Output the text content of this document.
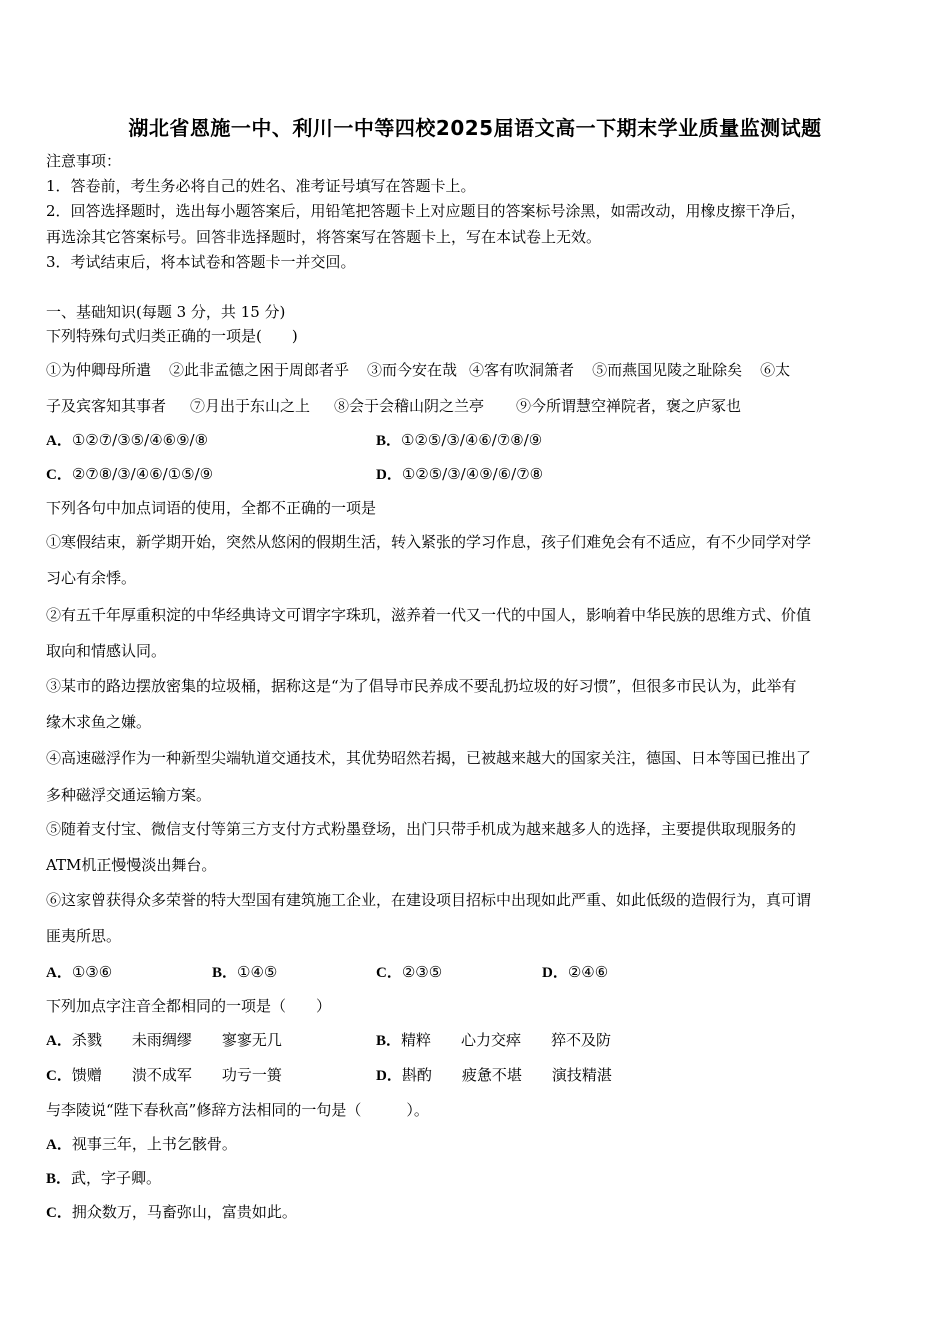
湖北省恩施一中、利川一中等四校2025届语文高一下期末学业质量监测试题
注意事项：
1．答卷前，考生务必将自己的姓名、准考证号填写在答题卡上。
2．回答选择题时，选出每小题答案后，用铅笔把答题卡上对应题目的答案标号涂黑，如需改动，用橡皮擦干净后，
再选涂其它答案标号。回答非选择题时，将答案写在答题卡上，写在本试卷上无效。
3．考试结束后，将本试卷和答题卡一并交回。
一、基础知识(每题 3 分，共 15 分)
下列特殊句式归类正确的一项是(　　)
①为仲卿母所遣 ②此非孟德之困于周郎者乎 ③而今安在哉 ④客有吹洞箫者 ⑤而燕国见陵之耻除矣 ⑥太
子及宾客知其事者 ⑦月出于东山之上 ⑧会于会稽山阴之兰亭 ⑨今所谓慧空禅院者，褒之庐冢也
A．①②⑦/③⑤/④⑥⑨/⑧	B．①②⑤/③/④⑥/⑦⑧/⑨
C．②⑦⑧/③/④⑥/①⑤/⑨	D．①②⑤/③/④⑨/⑥/⑦⑧
下列各句中加点词语的使用，全都不正确的一项是
①寒假结束，新学期开始，突然从悠闲的假期生活，转入紧张的学习作息，孩子们难免会有不适应，有不少同学对学
习心有余悸。
②有五千年厚重积淀的中华经典诗文可谓字字珠玑，滋养着一代又一代的中国人，影响着中华民族的思维方式、价值
取向和情感认同。
③某市的路边摆放密集的垃圾桶，据称这是“为了倡导市民养成不要乱扔垃圾的好习惯”，但很多市民认为，此举有
缘木求鱼之嫌。
④高速磁浮作为一种新型尖端轨道交通技术，其优势昭然若揭，已被越来越大的国家关注，德国、日本等国已推出了
多种磁浮交通运输方案。
⑤随着支付宝、微信支付等第三方支付方式粉墨登场，出门只带手机成为越来越多人的选择，主要提供取现服务的
ATM机正慢慢淡出舞台。
⑥这家曾获得众多荣誉的特大型国有建筑施工企业，在建设项目招标中出现如此严重、如此低级的造假行为，真可谓
匪夷所思。
A．①③⑥	B．①④⑤	C．②③⑤	D．②④⑥
下列加点字注音全都相同的一项是（　　）
A．杀戮　　未雨绸缪　　寥寥无几	B．精粹　　心力交瘁　　猝不及防
C．馈赠　　溃不成军　　功亏一篑	D．斟酌　　疲惫不堪　　演技精湛
与李陵说“陛下春秋高”修辞方法相同的一句是（　　　）。
A．视事三年，上书乞骸骨。
B．武，字子卿。
C．拥众数万，马畜弥山，富贵如此。
